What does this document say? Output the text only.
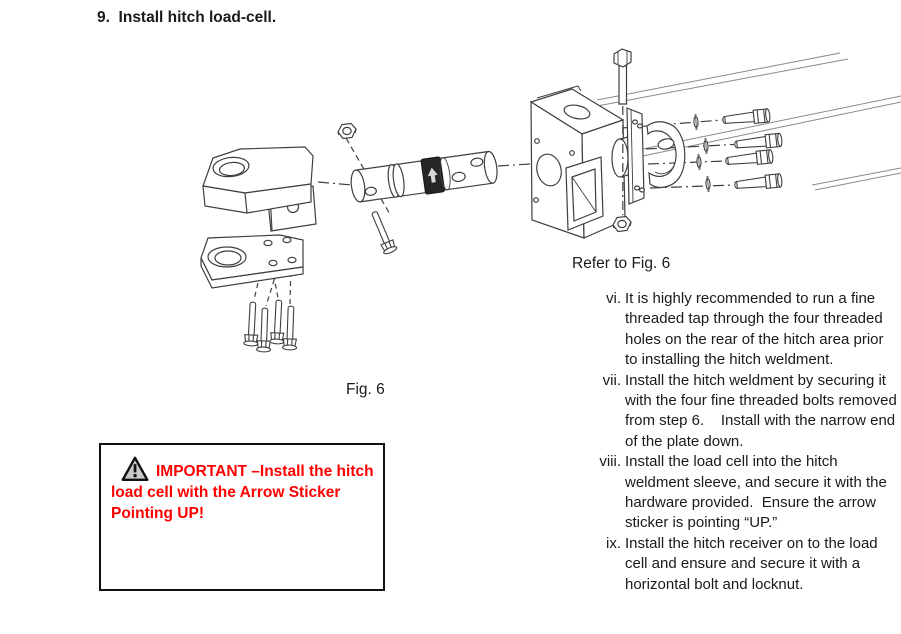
9.  Install hitch load-cell.
Refer to Fig. 6
Fig. 6
IMPORTANT –Install the hitch
load cell with the Arrow Sticker
Pointing UP!
vi. It is highly recommended to run a fine threaded tap through the four threaded holes on the rear of the hitch area prior to installing the hitch weldment.
vii. Install the hitch weldment by securing it with the four fine threaded bolts removed from step 6.    Install with the narrow end of the plate down.
viii. Install the load cell into the hitch weldment sleeve, and secure it with the hardware provided.  Ensure the arrow sticker is pointing “UP.”
ix. Install the hitch receiver on to the load cell and ensure and secure it with a horizontal bolt and locknut.
